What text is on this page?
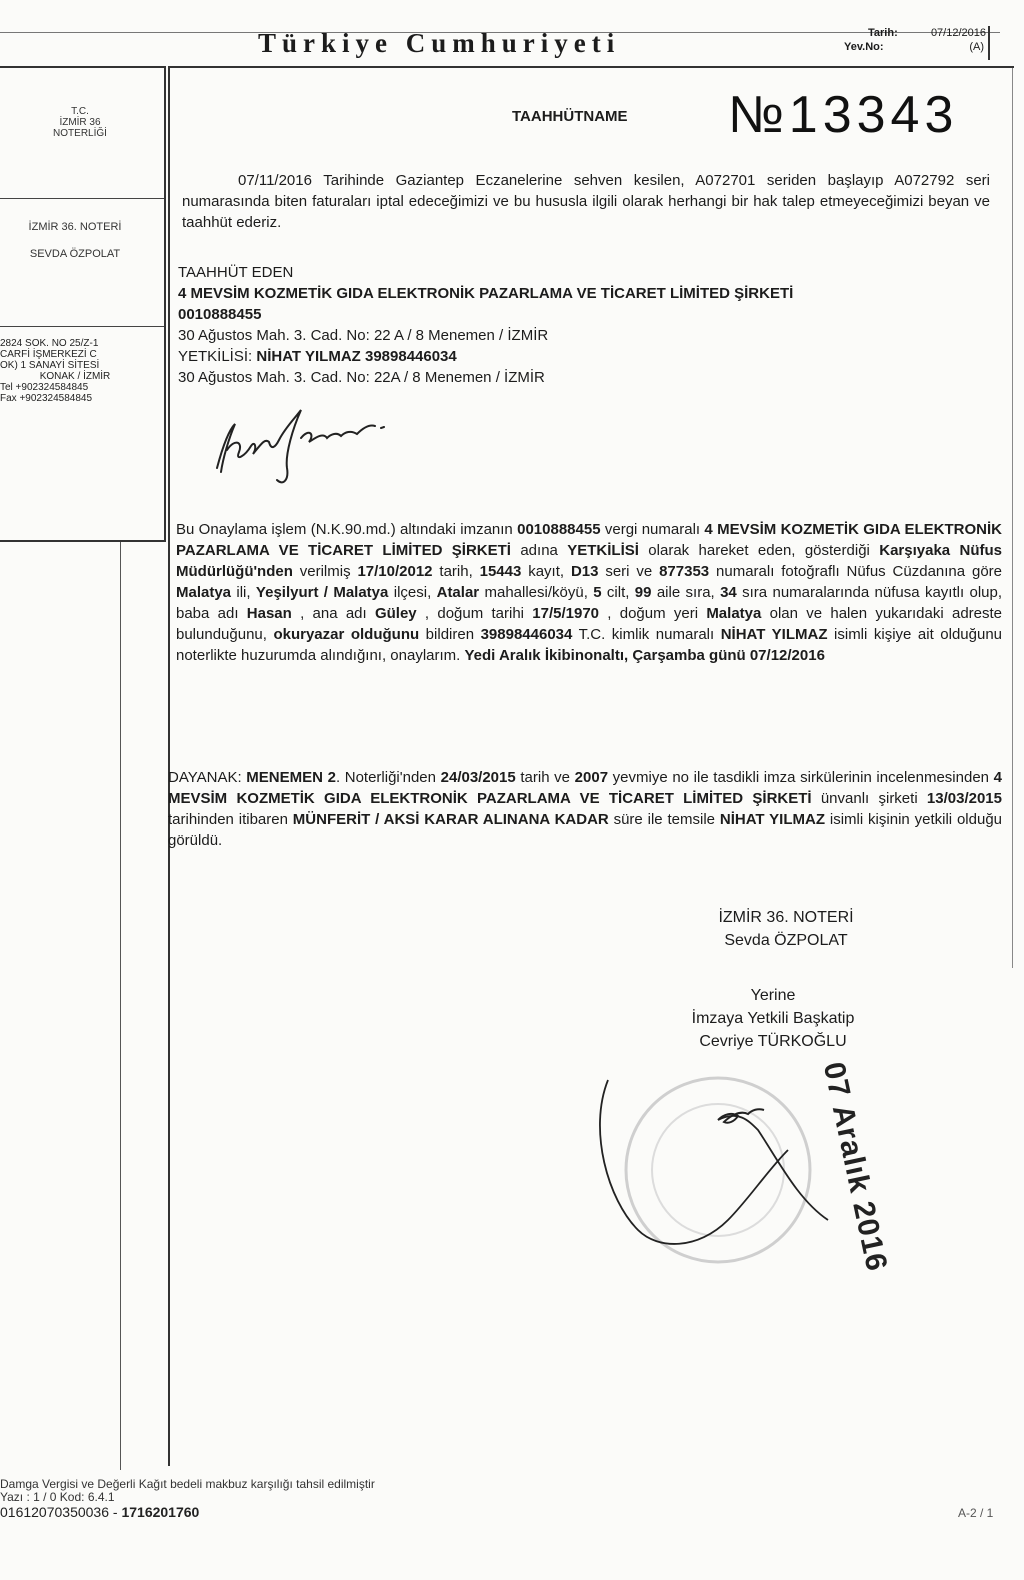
Türkiye Cumhuriyeti	Tarih:	07/12/2016
Yev.No:	(A)
T.C.
İZMİR 36
NOTERLİĞİ
İZMİR 36. NOTERİ
SEVDA ÖZPOLAT
2824 SOK. NO 25/Z-1
CARFİ İŞMERKEZİ C
OK) 1 SANAYİ SİTESİ
KONAK / İZMİR
Tel +902324584845
Fax +902324584845
TAAHHÜTNAME №13343
07/11/2016 Tarihinde Gaziantep Eczanelerine sehven kesilen, A072701 seriden başlayıp A072792 seri numarasında biten faturaları iptal edeceğimizi ve bu hususla ilgili olarak herhangi bir hak talep etmeyeceğimizi beyan ve taahhüt ederiz.
TAAHHÜT EDEN
4 MEVSİM KOZMETİK GIDA ELEKTRONİK PAZARLAMA VE TİCARET LİMİTED ŞİRKETİ
0010888455
30 Ağustos Mah. 3. Cad. No: 22 A / 8 Menemen / İZMİR
YETKİLİSİ: NİHAT YILMAZ 39898446034
30 Ağustos Mah. 3. Cad. No: 22A / 8 Menemen / İZMİR
Bu Onaylama işlem (N.K.90.md.) altındaki imzanın 0010888455 vergi numaralı 4 MEVSİM KOZMETİK GIDA ELEKTRONİK PAZARLAMA VE TİCARET LİMİTED ŞİRKETİ adına YETKİLİSİ olarak hareket eden, gösterdiği Karşıyaka Nüfus Müdürlüğü'nden verilmiş 17/10/2012 tarih, 15443 kayıt, D13 seri ve 877353 numaralı fotoğraflı Nüfus Cüzdanına göre Malatya ili, Yeşilyurt / Malatya ilçesi, Atalar mahallesi/köyü, 5 cilt, 99 aile sıra, 34 sıra numaralarında nüfusa kayıtlı olup, baba adı Hasan , ana adı Güley , doğum tarihi 17/5/1970 , doğum yeri Malatya olan ve halen yukarıdaki adreste bulunduğunu, okuryazar olduğunu bildiren 39898446034 T.C. kimlik numaralı NİHAT YILMAZ isimli kişiye ait olduğunu noterlikte huzurumda alındığını, onaylarım. Yedi Aralık İkibinonaltı, Çarşamba günü 07/12/2016
DAYANAK: MENEMEN 2. Noterliği'nden 24/03/2015 tarih ve 2007 yevmiye no ile tasdikli imza sirkülerinin incelenmesinden 4 MEVSİM KOZMETİK GIDA ELEKTRONİK PAZARLAMA VE TİCARET LİMİTED ŞİRKETİ ünvanlı şirketi 13/03/2015 tarihinden itibaren MÜNFERİT / AKSİ KARAR ALINANA KADAR süre ile temsile NİHAT YILMAZ isimli kişinin yetkili olduğu görüldü.
İZMİR 36. NOTERİ
Sevda ÖZPOLAT
Yerine
İmzaya Yetkili Başkatip
Cevriye TÜRKOĞLU
07 Aralık 2016
Damga Vergisi ve Değerli Kağıt bedeli makbuz karşılığı tahsil edilmiştir
Yazı : 1 / 0 Kod: 6.4.1
01612070350036 - 1716201760	A-2 / 1
